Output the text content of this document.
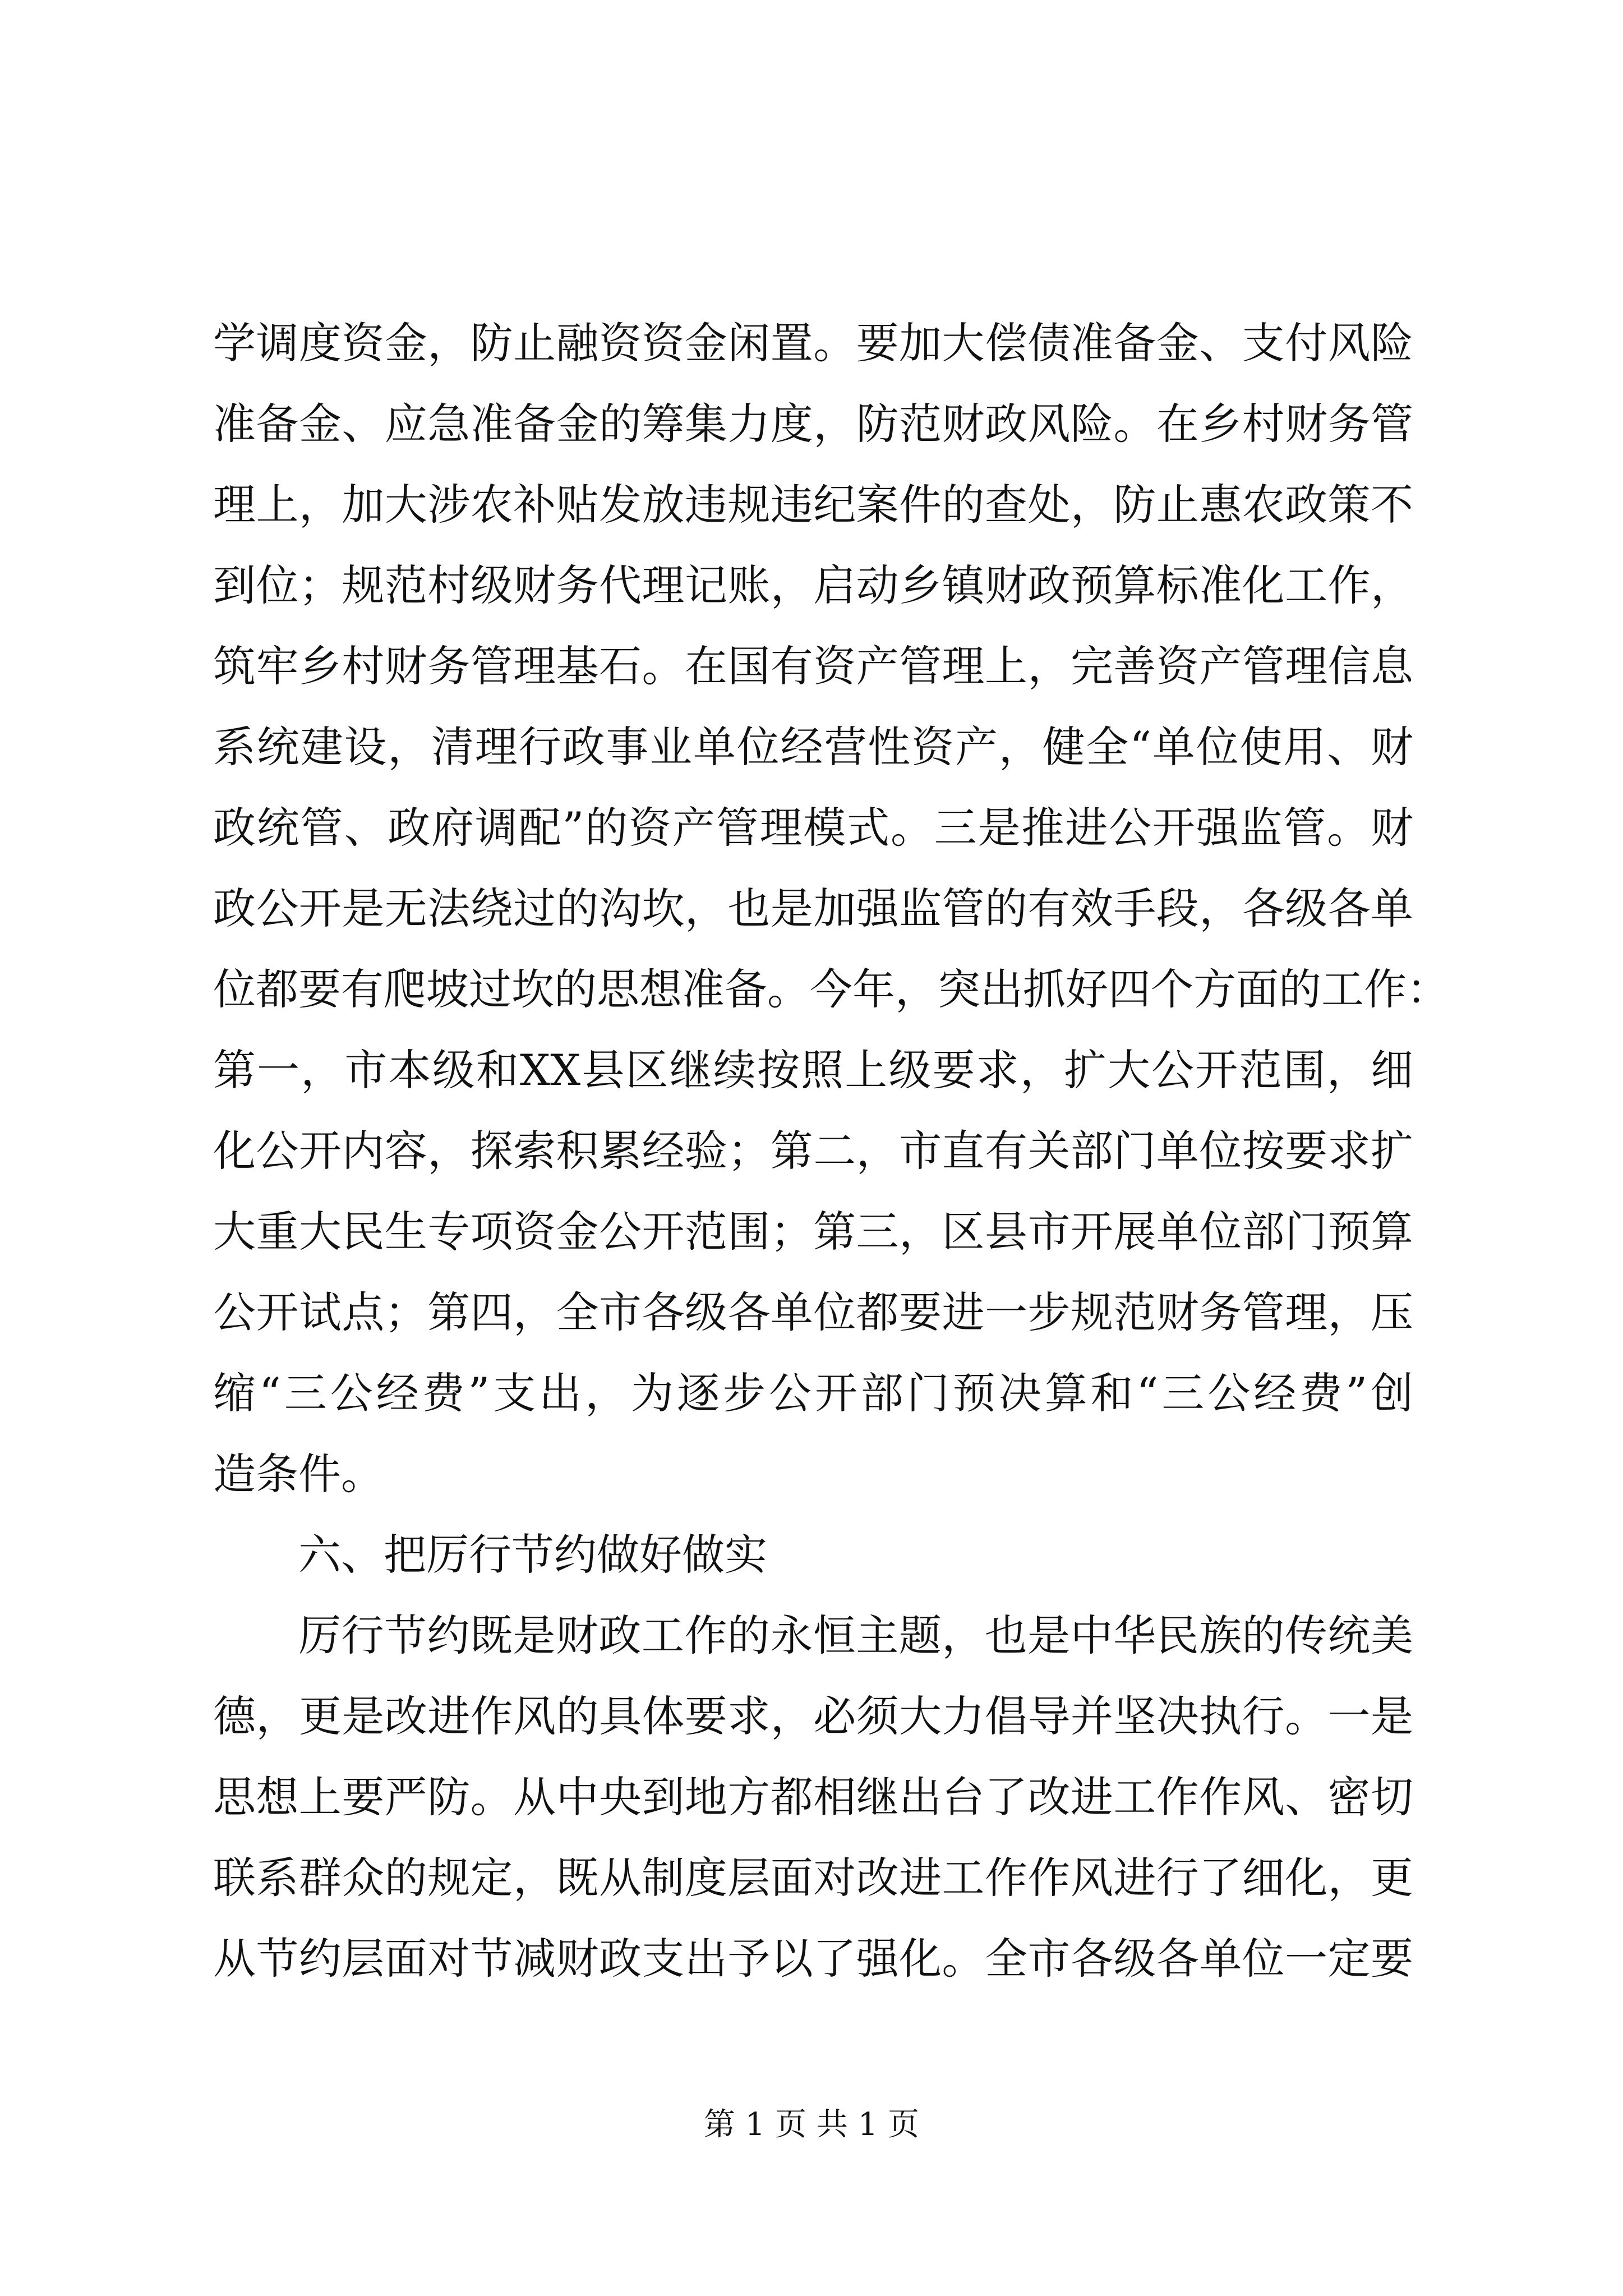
学调度资金，防止融资资金闲置。要加大偿债准备金、支付风险
准备金、应急准备金的筹集力度，防范财政风险。在乡村财务管
理上，加大涉农补贴发放违规违纪案件的查处，防止惠农政策不
到位；规范村级财务代理记账，启动乡镇财政预算标准化工作，
筑牢乡村财务管理基石。在国有资产管理上，完善资产管理信息
系统建设，清理行政事业单位经营性资产，健全“单位使用、财
政统管、政府调配”的资产管理模式。三是推进公开强监管。财
政公开是无法绕过的沟坎，也是加强监管的有效手段，各级各单
位都要有爬坡过坎的思想准备。今年，突出抓好四个方面的工作：
第一，市本级和XX县区继续按照上级要求，扩大公开范围，细
化公开内容，探索积累经验；第二，市直有关部门单位按要求扩
大重大民生专项资金公开范围；第三，区县市开展单位部门预算
公开试点；第四，全市各级各单位都要进一步规范财务管理，压
缩“三公经费”支出，为逐步公开部门预决算和“三公经费”创
造条件。
六、把厉行节约做好做实
厉行节约既是财政工作的永恒主题，也是中华民族的传统美
德，更是改进作风的具体要求，必须大力倡导并坚决执行。一是
思想上要严防。从中央到地方都相继出台了改进工作作风、密切
联系群众的规定，既从制度层面对改进工作作风进行了细化，更
从节约层面对节减财政支出予以了强化。全市各级各单位一定要
第 1 页 共 1 页
